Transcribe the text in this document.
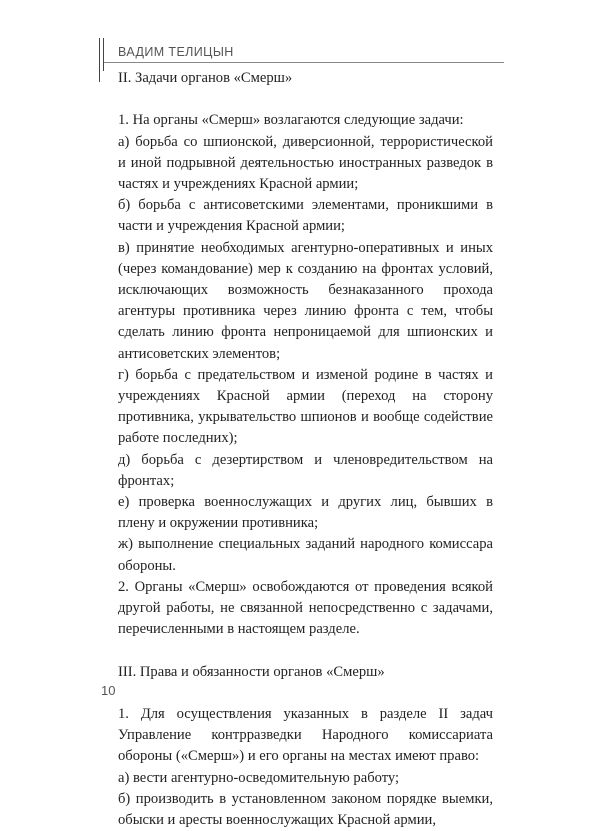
ВАДИМ ТЕЛИЦЫН

II. Задачи органов «Смерш»

1. На органы «Смерш» возлагаются следующие задачи:

а) борьба со шпионской, диверсионной, террористической и иной подрывной деятельностью иностранных разведок в частях и учреждениях Красной армии;

б) борьба с антисоветскими элементами, проникшими в части и учреждения Красной армии;

в) принятие необходимых агентурно-оперативных и иных (через командование) мер к созданию на фронтах условий, исключающих возможность безнаказанного прохода агентуры противника через линию фронта с тем, чтобы сделать линию фронта непроницаемой для шпионских и антисоветских элементов;

г) борьба с предательством и изменой родине в частях и учреждениях Красной армии (переход на сторону противника, укрывательство шпионов и вообще содействие работе последних);

д) борьба с дезертирством и членовредительством на фронтах;

е) проверка военнослужащих и других лиц, бывших в плену и окружении противника;

ж) выполнение специальных заданий народного комиссара обороны.

2. Органы «Смерш» освобождаются от проведения всякой другой работы, не связанной непосредственно с задачами, перечисленными в настоящем разделе.

III. Права и обязанности органов «Смерш»

1. Для осуществления указанных в разделе II задач Управление контрразведки Народного комиссариата обороны («Смерш») и его органы на местах имеют право:

а) вести агентурно-осведомительную работу;

б) производить в установленном законом порядке выемки, обыски и аресты военнослужащих Красной армии,

10
